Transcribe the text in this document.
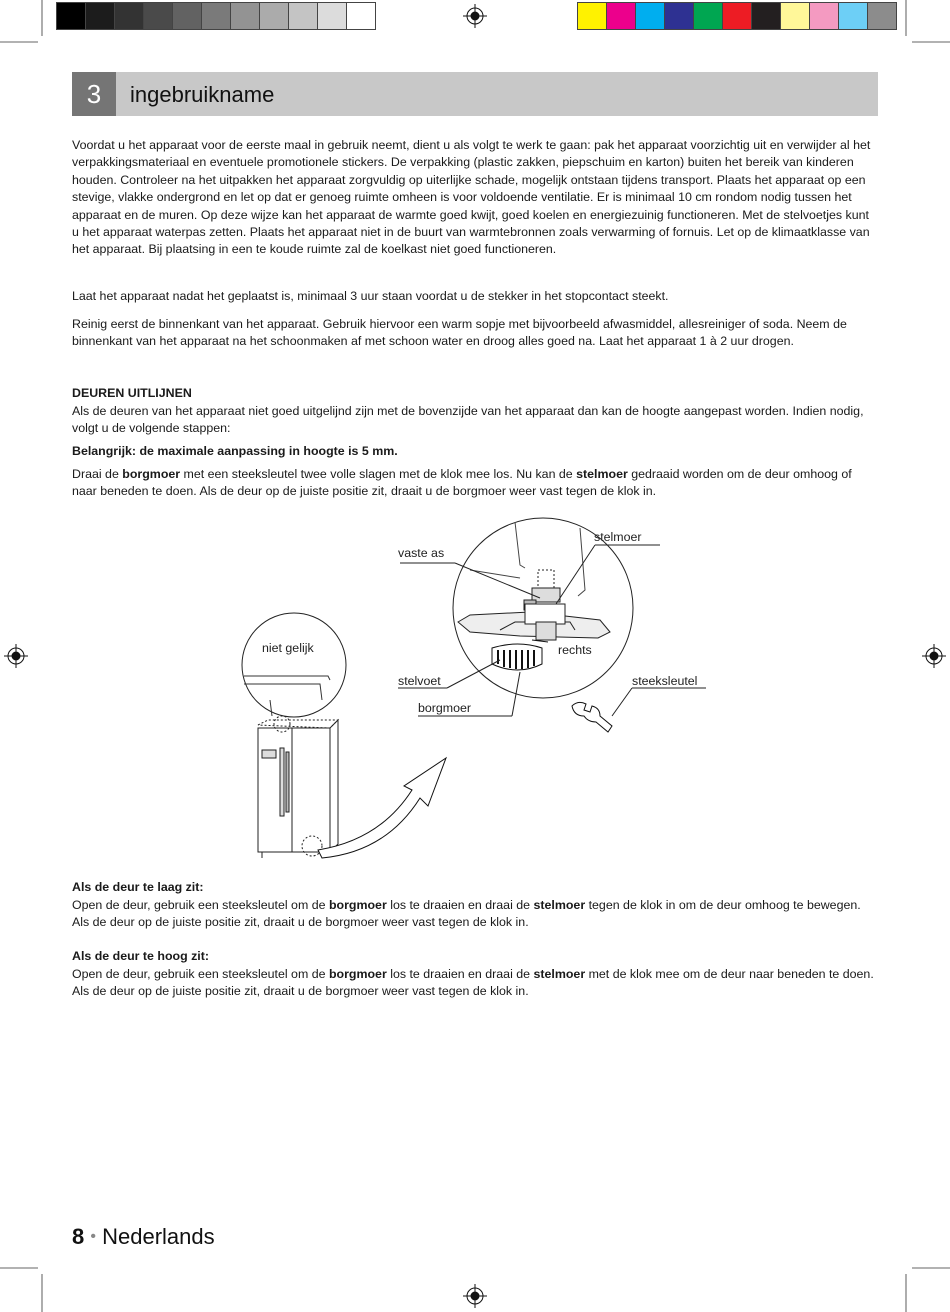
3	ingebruikname

Voordat u het apparaat voor de eerste maal in gebruik neemt, dient u als volgt te werk te gaan: pak het apparaat voorzichtig uit en verwijder al het verpakkingsmateriaal en eventuele promotionele stickers. De verpakking (plastic zakken, piepschuim en karton) buiten het bereik van kinderen houden. Controleer na het uitpakken het apparaat zorgvuldig op uiterlijke schade, mogelijk ontstaan tijdens transport. Plaats het apparaat op een stevige, vlakke ondergrond en let op dat er genoeg ruimte omheen is voor voldoende ventilatie. Er is minimaal 10 cm rondom nodig tussen het apparaat en de muren. Op deze wijze kan het apparaat de warmte goed kwijt, goed koelen en energiezuinig functioneren. Met de stelvoetjes kunt u het apparaat waterpas zetten. Plaats het apparaat niet in de buurt van warmtebronnen zoals verwarming of fornuis. Let op de klimaatklasse van het apparaat. Bij plaatsing in een te koude ruimte zal de koelkast niet goed functioneren.

Laat het apparaat nadat het geplaatst is, minimaal 3 uur staan voordat u de stekker in het stopcontact steekt.

Reinig eerst de binnenkant van het apparaat. Gebruik hiervoor een warm sopje met bijvoorbeeld afwasmiddel, allesreiniger of soda. Neem de binnenkant van het apparaat na het schoonmaken af met schoon water en droog alles goed na. Laat het apparaat 1 à 2 uur drogen.

DEUREN UITLIJNEN

Als de deuren van het apparaat niet goed uitgelijnd zijn met de bovenzijde van het apparaat dan kan de hoogte aangepast worden. Indien nodig, volgt u de volgende stappen:

Belangrijk: de maximale aanpassing in hoogte is 5 mm.

Draai de borgmoer met een steeksleutel twee volle slagen met de klok mee los. Nu kan de stelmoer gedraaid worden om de deur omhoog of naar beneden te doen. Als de deur op de juiste positie zit, draait u de borgmoer weer vast tegen de klok in.

vaste as
stelmoer
rechts
niet gelijk
stelvoet	steeksleutel
borgmoer

Als de deur te laag zit:

Open de deur, gebruik een steeksleutel om de borgmoer los te draaien en draai de stelmoer tegen de klok in om de deur omhoog te bewegen. Als de deur op de juiste positie zit, draait u de borgmoer weer vast tegen de klok in.

Als de deur te hoog zit:

Open de deur, gebruik een steeksleutel om de borgmoer los te draaien en draai de stelmoer met de klok mee om de deur naar beneden te doen. Als de deur op de juiste positie zit, draait u de borgmoer weer vast tegen de klok in.

8 • Nederlands
